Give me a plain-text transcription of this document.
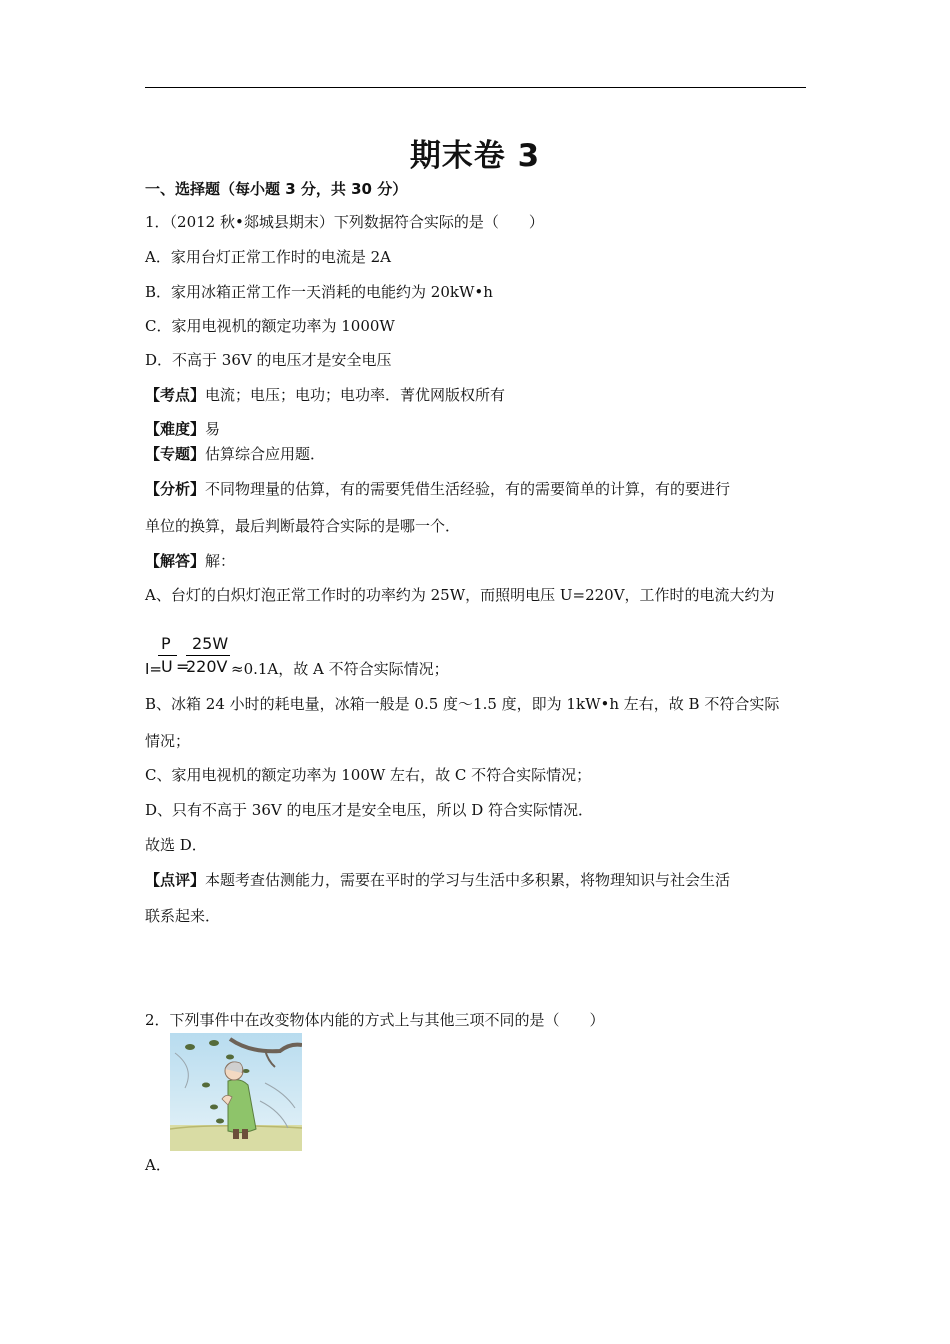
期末卷 3
一、选择题（每小题 3 分，共 30 分）
1．（2012 秋•郯城县期末）下列数据符合实际的是（　　）
A．家用台灯正常工作时的电流是 2A
B．家用冰箱正常工作一天消耗的电能约为 20kW•h
C．家用电视机的额定功率为 1000W
D．不高于 36V 的电压才是安全电压
【考点】电流；电压；电功；电功率．菁优网版权所有
【难度】易
【专题】估算综合应用题．
【分析】不同物理量的估算，有的需要凭借生活经验，有的需要简单的计算，有的要进行
单位的换算，最后判断最符合实际的是哪一个．
【解答】解：
A、台灯的白炽灯泡正常工作时的功率约为 25W，而照明电压 U=220V，工作时的电流大约为
I=
P
U =
25W
220V ≈0.1A，故 A 不符合实际情况；
B、冰箱 24 小时的耗电量，冰箱一般是 0.5 度～1.5 度，即为 1kW•h 左右，故 B 不符合实际
情况；
C、家用电视机的额定功率为 100W 左右，故 C 不符合实际情况；
D、只有不高于 36V 的电压才是安全电压，所以 D 符合实际情况．
故选 D．
【点评】本题考查估测能力，需要在平时的学习与生活中多积累，将物理知识与社会生活
联系起来．
2．下列事件中在改变物体内能的方式上与其他三项不同的是（　　）
A．
